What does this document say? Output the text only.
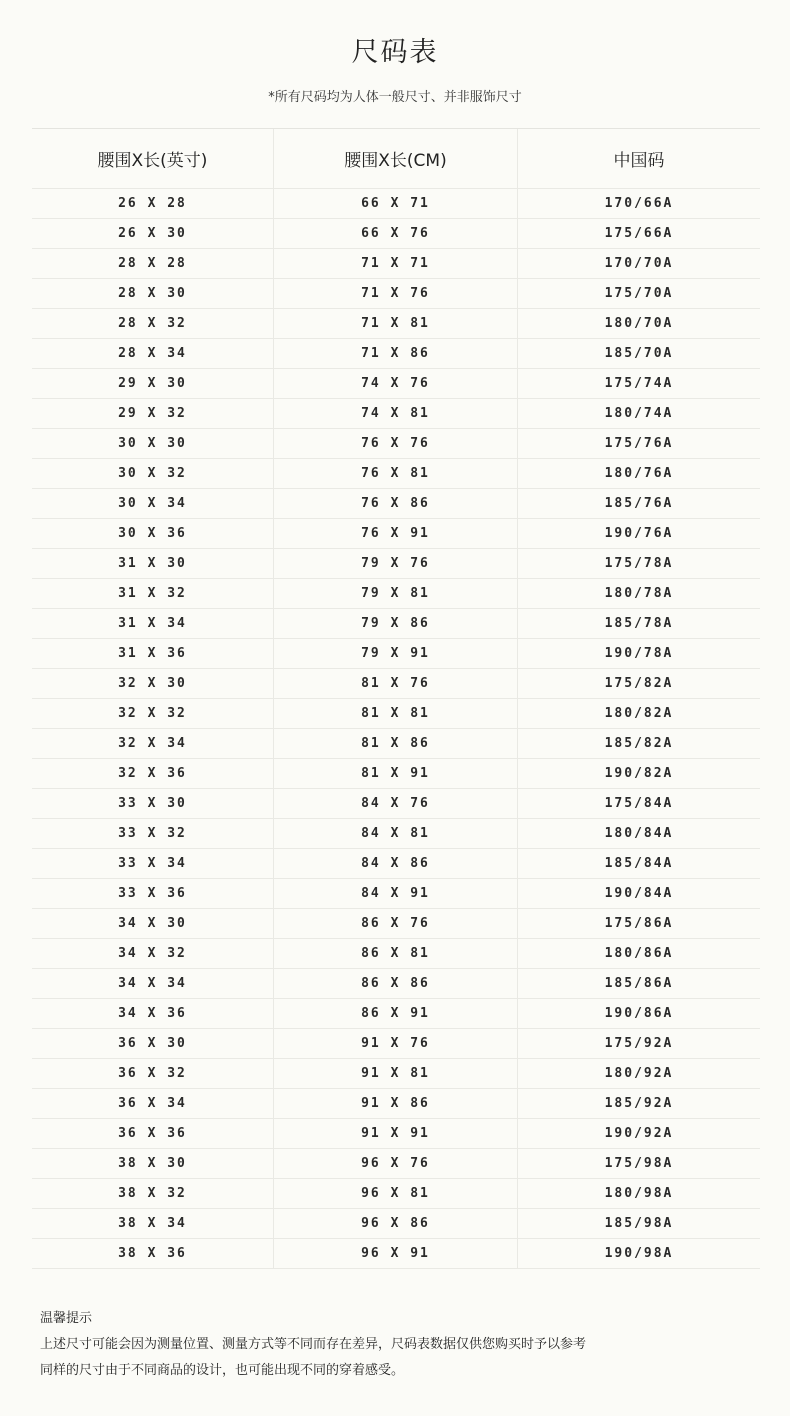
尺码表
*所有尺码均为人体一般尺寸、并非服饰尺寸
腰围X长(英寸)	腰围X长(CM)	中国码
26 X 28	66 X 71	170/66A
26 X 30	66 X 76	175/66A
28 X 28	71 X 71	170/70A
28 X 30	71 X 76	175/70A
28 X 32	71 X 81	180/70A
28 X 34	71 X 86	185/70A
29 X 30	74 X 76	175/74A
29 X 32	74 X 81	180/74A
30 X 30	76 X 76	175/76A
30 X 32	76 X 81	180/76A
30 X 34	76 X 86	185/76A
30 X 36	76 X 91	190/76A
31 X 30	79 X 76	175/78A
31 X 32	79 X 81	180/78A
31 X 34	79 X 86	185/78A
31 X 36	79 X 91	190/78A
32 X 30	81 X 76	175/82A
32 X 32	81 X 81	180/82A
32 X 34	81 X 86	185/82A
32 X 36	81 X 91	190/82A
33 X 30	84 X 76	175/84A
33 X 32	84 X 81	180/84A
33 X 34	84 X 86	185/84A
33 X 36	84 X 91	190/84A
34 X 30	86 X 76	175/86A
34 X 32	86 X 81	180/86A
34 X 34	86 X 86	185/86A
34 X 36	86 X 91	190/86A
36 X 30	91 X 76	175/92A
36 X 32	91 X 81	180/92A
36 X 34	91 X 86	185/92A
36 X 36	91 X 91	190/92A
38 X 30	96 X 76	175/98A
38 X 32	96 X 81	180/98A
38 X 34	96 X 86	185/98A
38 X 36	96 X 91	190/98A
温馨提示
上述尺寸可能会因为测量位置、测量方式等不同而存在差异，尺码表数据仅供您购买时予以参考
同样的尺寸由于不同商品的设计，也可能出现不同的穿着感受。
